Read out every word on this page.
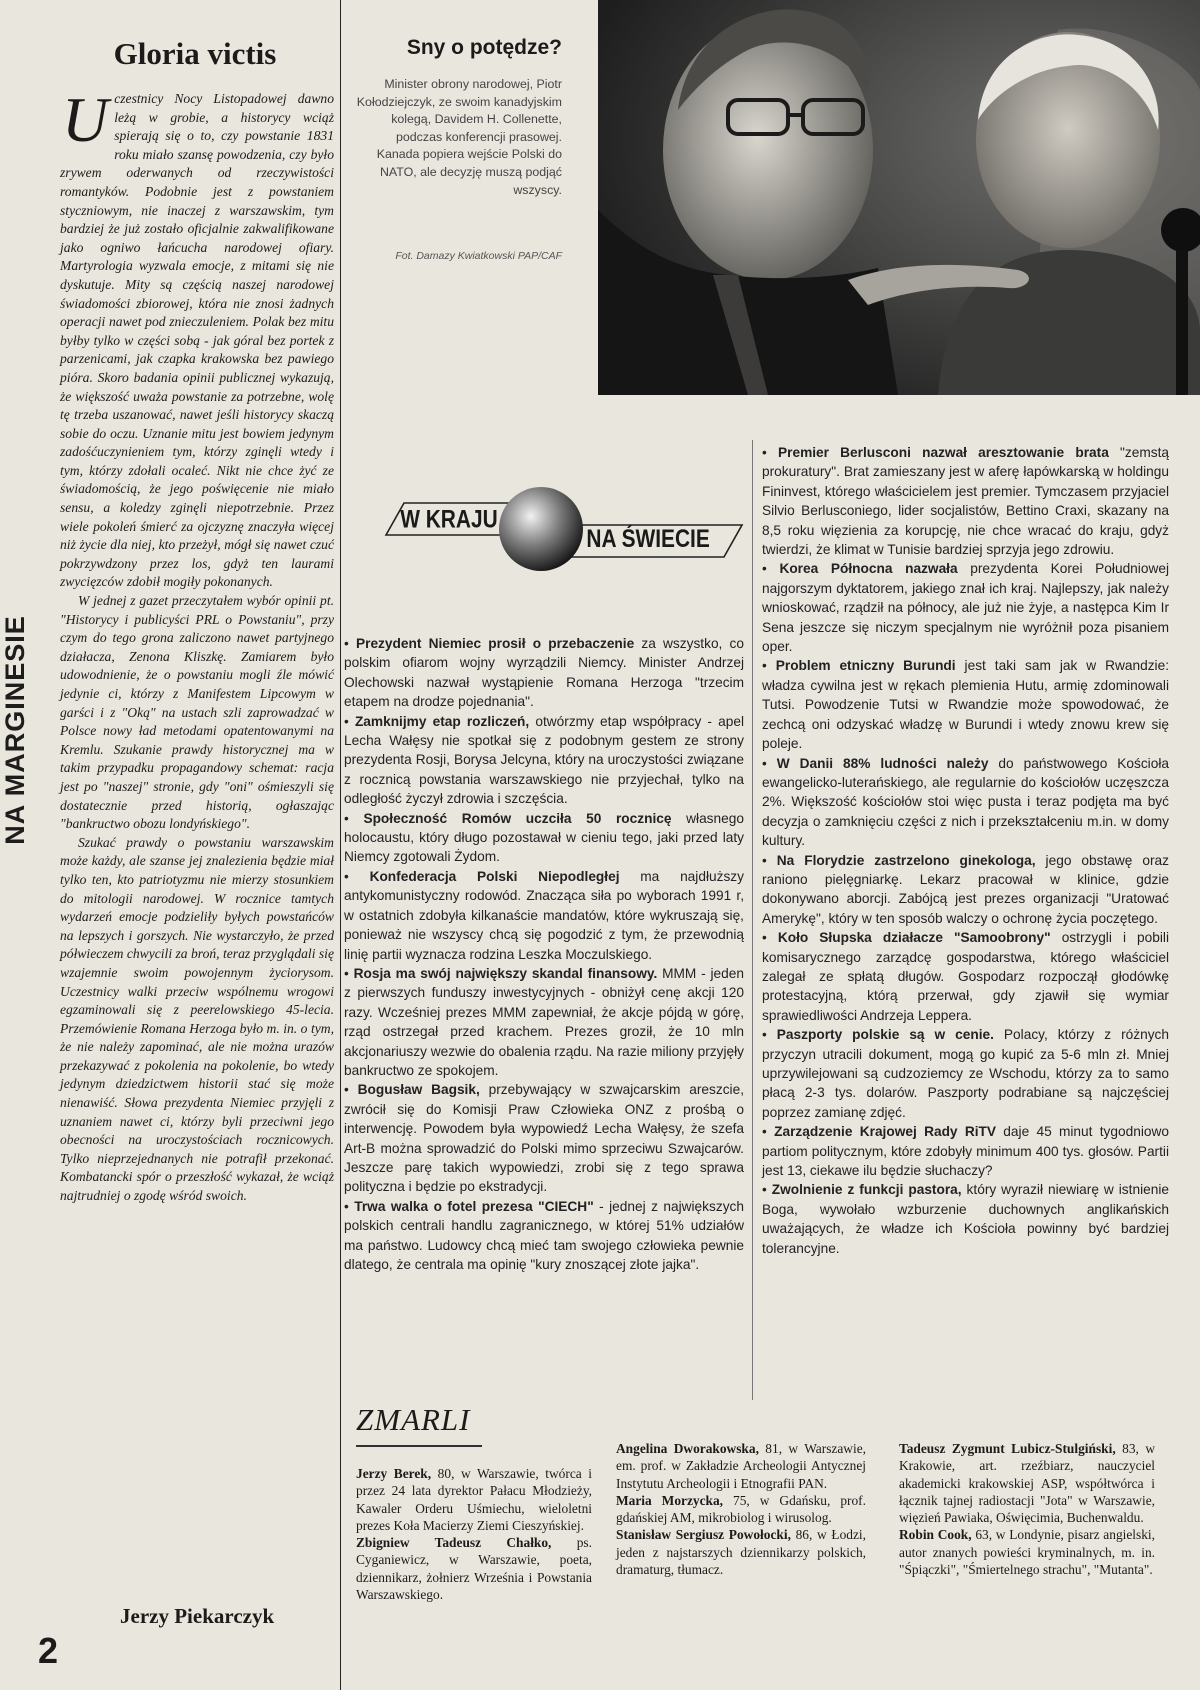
NA MARGINESIE
2
Gloria victis

Uczestnicy Nocy Listopadowej dawno leżą w grobie, a historycy wciąż spierają się o to, czy powstanie 1831 roku miało szansę powodzenia, czy było zrywem oderwanych od rzeczywistości romantyków. Podobnie jest z powstaniem styczniowym, nie inaczej z warszawskim, tym bardziej że już zostało oficjalnie zakwalifikowane jako ogniwo łańcucha narodowej ofiary. Martyrologia wyzwala emocje, z mitami się nie dyskutuje. Mity są częścią naszej narodowej świadomości zbiorowej, która nie znosi żadnych operacji nawet pod znieczuleniem. Polak bez mitu byłby tylko w części sobą - jak góral bez portek z parzenicami, jak czapka krakowska bez pawiego pióra. Skoro badania opinii publicznej wykazują, że większość uważa powstanie za potrzebne, wolę tę trzeba uszanować, nawet jeśli historycy skaczą sobie do oczu. Uznanie mitu jest bowiem jedynym zadośćuczynieniem tym, którzy zginęli wtedy i tym, którzy zdołali ocaleć. Nikt nie chce żyć ze świadomością, że jego poświęcenie nie miało sensu, a koledzy zginęli niepotrzebnie. Przez wiele pokoleń śmierć za ojczyznę znaczyła więcej niż życie dla niej, kto przeżył, mógł się nawet czuć pokrzywdzony przez los, gdyż ten laurami zwycięzców zdobił mogiły pokonanych.

W jednej z gazet przeczytałem wybór opinii pt. "Historycy i publicyści PRL o Powstaniu", przy czym do tego grona zaliczono nawet partyjnego działacza, Zenona Kliszkę. Zamiarem było udowodnienie, że o powstaniu mogli źle mówić jedynie ci, którzy z Manifestem Lipcowym w garści i z "Oką" na ustach szli zaprowadzać w Polsce nowy ład metodami opatentowanymi na Kremlu. Szukanie prawdy historycznej ma w takim przypadku propagandowy schemat: racja jest po "naszej" stronie, gdy "oni" ośmieszyli się dostatecznie przed historią, ogłaszając "bankructwo obozu londyńskiego".

Szukać prawdy o powstaniu warszawskim może każdy, ale szanse jej znalezienia będzie miał tylko ten, kto patriotyzmu nie mierzy stosunkiem do mitologii narodowej. W rocznice tamtych wydarzeń emocje podzieliły byłych powstańców na lepszych i gorszych. Nie wystarczyło, że przed półwieczem chwycili za broń, teraz przyglądali się wzajemnie swoim powojennym życiorysom. Uczestnicy walki przeciw wspólnemu wrogowi egzaminowali się z peerelowskiego 45-lecia. Przemówienie Romana Herzoga było m. in. o tym, że nie należy zapominać, ale nie można urazów przekazywać z pokolenia na pokolenie, bo wtedy jedynym dziedzictwem historii stać się może nienawiść. Słowa prezydenta Niemiec przyjęli z uznaniem nawet ci, którzy byli przeciwni jego obecności na uroczystościach rocznicowych. Tylko nieprzejednanych nie potrafił przekonać. Kombatancki spór o przeszłość wykazał, że wciąż najtrudniej o zgodę wśród swoich.

Jerzy Piekarczyk
Sny o potędze?
Minister obrony narodowej, Piotr Kołodziejczyk, ze swoim kanadyjskim kolegą, Davidem H. Collenette, podczas konferencji prasowej. Kanada popiera wejście Polski do NATO, ale decyzję muszą podjąć wszyscy.
Fot. Damazy Kwiatkowski PAP/CAF
W KRAJU
NA ŚWIECIE

• Prezydent Niemiec prosił o przebaczenie za wszystko, co polskim ofiarom wojny wyrządzili Niemcy. Minister Andrzej Olechowski nazwał wystąpienie Romana Herzoga "trzecim etapem na drodze pojednania".

• Zamknijmy etap rozliczeń, otwórzmy etap współpracy - apel Lecha Wałęsy nie spotkał się z podobnym gestem ze strony prezydenta Rosji, Borysa Jelcyna, który na uroczystości związane z rocznicą powstania warszawskiego nie przyjechał, tylko na odległość życzył zdrowia i szczęścia.

• Społeczność Romów uczciła 50 rocznicę własnego holocaustu, który długo pozostawał w cieniu tego, jaki przed laty Niemcy zgotowali Żydom.

• Konfederacja Polski Niepodległej ma najdłuższy antykomunistyczny rodowód. Znacząca siła po wyborach 1991 r, w ostatnich zdobyła kilkanaście mandatów, które wykruszają się, ponieważ nie wszyscy chcą się pogodzić z tym, że przewodnią linię partii wyznacza rodzina Leszka Moczulskiego.

• Rosja ma swój największy skandal finansowy. MMM - jeden z pierwszych funduszy inwestycyjnych - obniżył cenę akcji 120 razy. Wcześniej prezes MMM zapewniał, że akcje pójdą w górę, rząd ostrzegał przed krachem. Prezes groził, że 10 mln akcjonariuszy wezwie do obalenia rządu. Na razie miliony przyjęły bankructwo ze spokojem.

• Bogusław Bagsik, przebywający w szwajcarskim areszcie, zwrócił się do Komisji Praw Człowieka ONZ z prośbą o interwencję. Powodem była wypowiedź Lecha Wałęsy, że szefa Art-B można sprowadzić do Polski mimo sprzeciwu Szwajcarów. Jeszcze parę takich wypowiedzi, zrobi się z tego sprawa polityczna i będzie po ekstradycji.

• Trwa walka o fotel prezesa "CIECH" - jednej z największych polskich centrali handlu zagranicznego, w której 51% udziałów ma państwo. Ludowcy chcą mieć tam swojego człowieka pewnie dlatego, że centrala ma opinię "kury znoszącej złote jajka".

• Premier Berlusconi nazwał aresztowanie brata "zemstą prokuratury". Brat zamieszany jest w aferę łapówkarską w holdingu Fininvest, którego właścicielem jest premier. Tymczasem przyjaciel Silvio Berlusconiego, lider socjalistów, Bettino Craxi, skazany na 8,5 roku więzienia za korupcję, nie chce wracać do kraju, gdyż twierdzi, że klimat w Tunisie bardziej sprzyja jego zdrowiu.

• Korea Północna nazwała prezydenta Korei Południowej najgorszym dyktatorem, jakiego znał ich kraj. Najlepszy, jak należy wnioskować, rządził na północy, ale już nie żyje, a następca Kim Ir Sena jeszcze się niczym specjalnym nie wyróżnił poza pisaniem oper.

• Problem etniczny Burundi jest taki sam jak w Rwandzie: władza cywilna jest w rękach plemienia Hutu, armię zdominowali Tutsi. Powodzenie Tutsi w Rwandzie może spowodować, że zechcą oni odzyskać władzę w Burundi i wtedy znowu krew się poleje.

• W Danii 88% ludności należy do państwowego Kościoła ewangelicko-luterańskiego, ale regularnie do kościołów uczęszcza 2%. Większość kościołów stoi więc pusta i teraz podjęta ma być decyzja o zamknięciu części z nich i przekształceniu m.in. w domy kultury.

• Na Florydzie zastrzelono ginekologa, jego obstawę oraz raniono pielęgniarkę. Lekarz pracował w klinice, gdzie dokonywano aborcji. Zabójcą jest prezes organizacji "Uratować Amerykę", który w ten sposób walczy o ochronę życia poczętego.

• Koło Słupska działacze "Samoobrony" ostrzygli i pobili komisarycznego zarządcę gospodarstwa, którego właściciel zalegał ze spłatą długów. Gospodarz rozpoczął głodówkę protestacyjną, którą przerwał, gdy zjawił się wymiar sprawiedliwości Andrzeja Leppera.

• Paszporty polskie są w cenie. Polacy, którzy z różnych przyczyn utracili dokument, mogą go kupić za 5-6 mln zł. Mniej uprzywilejowani są cudzoziemcy ze Wschodu, którzy za to samo płacą 2-3 tys. dolarów. Paszporty podrabiane są najczęściej poprzez zamianę zdjęć.

• Zarządzenie Krajowej Rady RiTV daje 45 minut tygodniowo partiom politycznym, które zdobyły minimum 400 tys. głosów. Partii jest 13, ciekawe ilu będzie słuchaczy?

• Zwolnienie z funkcji pastora, który wyraził niewiarę w istnienie Boga, wywołało wzburzenie duchownych anglikańskich uważających, że władze ich Kościoła powinny być bardziej tolerancyjne.

ZMARLI

Jerzy Berek, 80, w Warszawie, twórca i przez 24 lata dyrektor Pałacu Młodzieży, Kawaler Orderu Uśmiechu, wieloletni prezes Koła Macierzy Ziemi Cieszyńskiej.

Zbigniew Tadeusz Chałko, ps. Cyganiewicz, w Warszawie, poeta, dziennikarz, żołnierz Września i Powstania Warszawskiego.

Angelina Dworakowska, 81, w Warszawie, em. prof. w Zakładzie Archeologii Antycznej Instytutu Archeologii i Etnografii PAN.

Maria Morzycka, 75, w Gdańsku, prof. gdańskiej AM, mikrobiolog i wirusolog.

Stanisław Sergiusz Powołocki, 86, w Łodzi, jeden z najstarszych dziennikarzy polskich, dramaturg, tłumacz.

Tadeusz Zygmunt Lubicz-Stulgiński, 83, w Krakowie, art. rzeźbiarz, nauczyciel akademicki krakowskiej ASP, współtwórca i łącznik tajnej radiostacji "Jota" w Warszawie, więzień Pawiaka, Oświęcimia, Buchenwaldu.

Robin Cook, 63, w Londynie, pisarz angielski, autor znanych powieści kryminalnych, m. in. "Śpiączki", "Śmiertelnego strachu", "Mutanta".
